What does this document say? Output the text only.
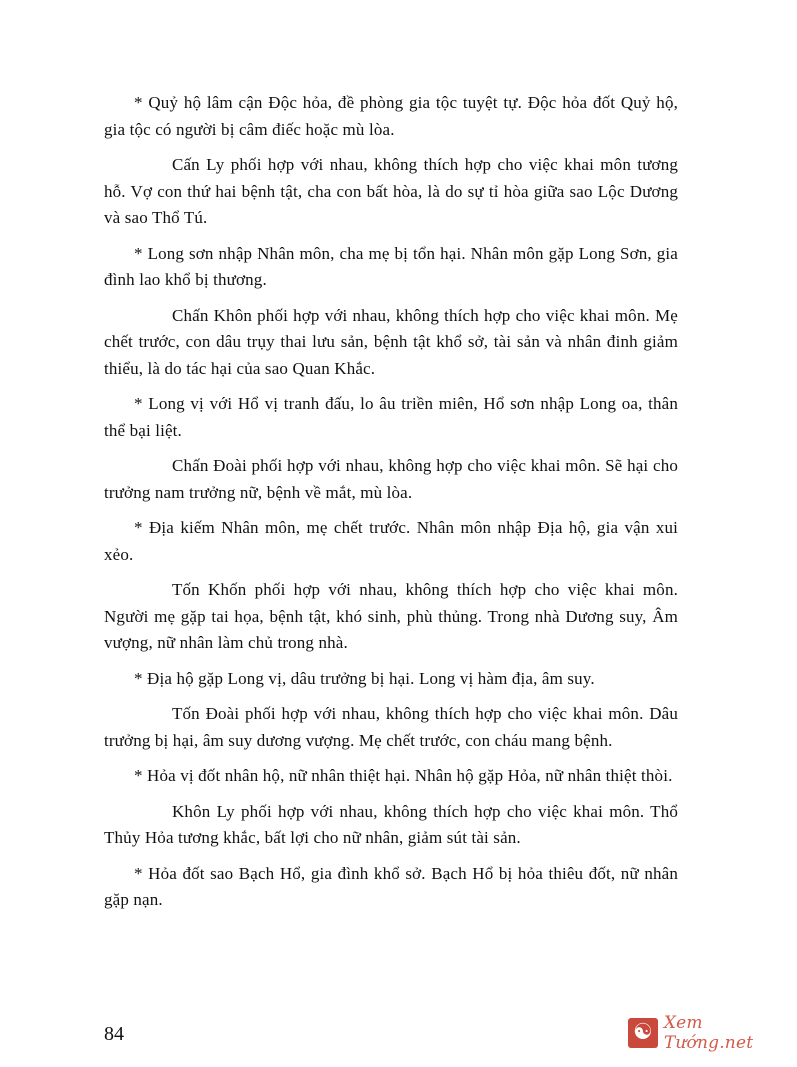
* Quỷ hộ lâm cận Độc hỏa, đề phòng gia tộc tuyệt tự. Độc hỏa đốt Quỷ hộ, gia tộc có người bị câm điếc hoặc mù lòa.

Cấn Ly phối hợp với nhau, không thích hợp cho việc khai môn tương hỗ. Vợ con thứ hai bệnh tật, cha con bất hòa, là do sự tỉ hòa giữa sao Lộc Dương và sao Thổ Tú.

* Long sơn nhập Nhân môn, cha mẹ bị tổn hại. Nhân môn gặp Long Sơn, gia đình lao khổ bị thương.

Chấn Khôn phối hợp với nhau, không thích hợp cho việc khai môn. Mẹ chết trước, con dâu trụy thai lưu sản, bệnh tật khổ sở, tài sản và nhân đinh giảm thiểu, là do tác hại của sao Quan Khắc.

* Long vị với Hổ vị tranh đấu, lo âu triền miên, Hổ sơn nhập Long oa, thân thể bại liệt.

Chấn Đoài phối hợp với nhau, không hợp cho việc khai môn. Sẽ hại cho trưởng nam trưởng nữ, bệnh về mắt, mù lòa.

* Địa kiếm Nhân môn, mẹ chết trước. Nhân môn nhập Địa hộ, gia vận xui xẻo.

Tốn Khốn phối hợp với nhau, không thích hợp cho việc khai môn. Người mẹ gặp tai họa, bệnh tật, khó sinh, phù thủng. Trong nhà Dương suy, Âm vượng, nữ nhân làm chủ trong nhà.

* Địa hộ gặp Long vị, dâu trưởng bị hại. Long vị hàm địa, âm suy.

Tốn Đoài phối hợp với nhau, không thích hợp cho việc khai môn. Dâu trưởng bị hại, âm suy dương vượng. Mẹ chết trước, con cháu mang bệnh.

* Hỏa vị đốt nhân hộ, nữ nhân thiệt hại. Nhân hộ gặp Hỏa, nữ nhân thiệt thòi.

Khôn Ly phối hợp với nhau, không thích hợp cho việc khai môn. Thổ Thủy Hỏa tương khắc, bất lợi cho nữ nhân, giảm sút tài sản.

* Hỏa đốt sao Bạch Hổ, gia đình khổ sở. Bạch Hổ bị hỏa thiêu đốt, nữ nhân gặp nạn.

84	☯ Xem Tướng.net
